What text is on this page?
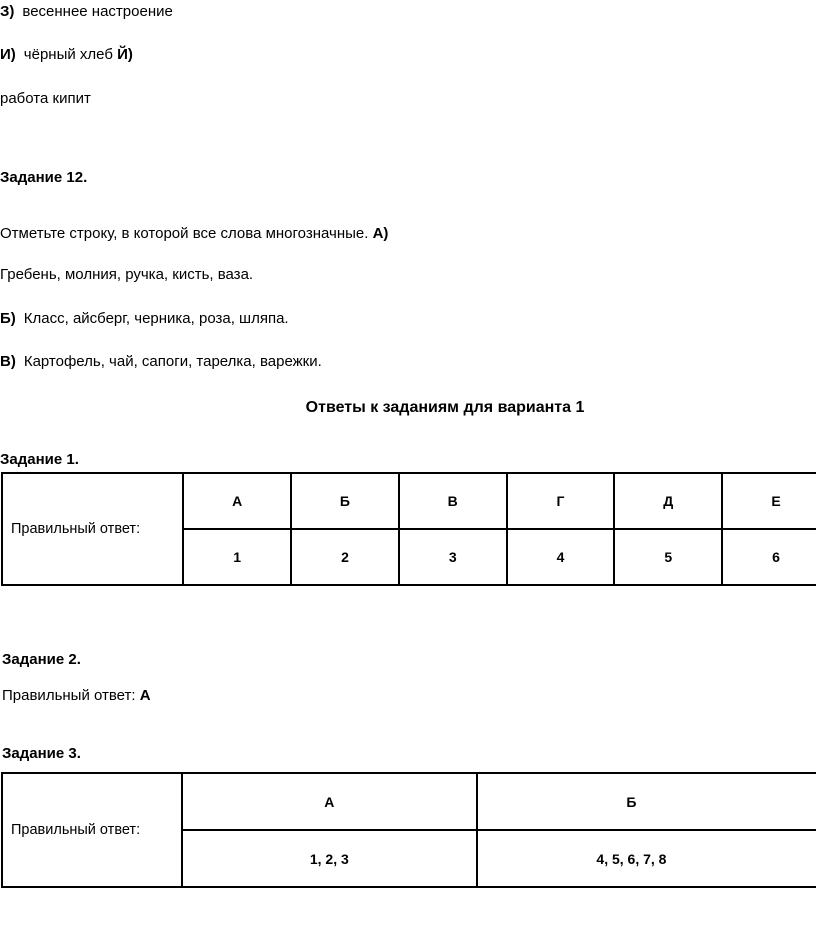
З) весеннее настроение
И) чёрный хлеб Й)
работа кипит
Задание 12.
Отметьте строку, в которой все слова многозначные. А)
Гребень, молния, ручка, кисть, ваза.
Б) Класс, айсберг, черника, роза, шляпа.
В) Картофель, чай, сапоги, тарелка, варежки.
Ответы к заданиям для варианта 1
Задание 1.
Правильный ответ:	А	Б	В	Г	Д	Е
	1	2	3	4	5	6
Задание 2.
Правильный ответ: А
Задание 3.
Правильный ответ:	А	Б
	1, 2, 3	4, 5, 6, 7, 8
